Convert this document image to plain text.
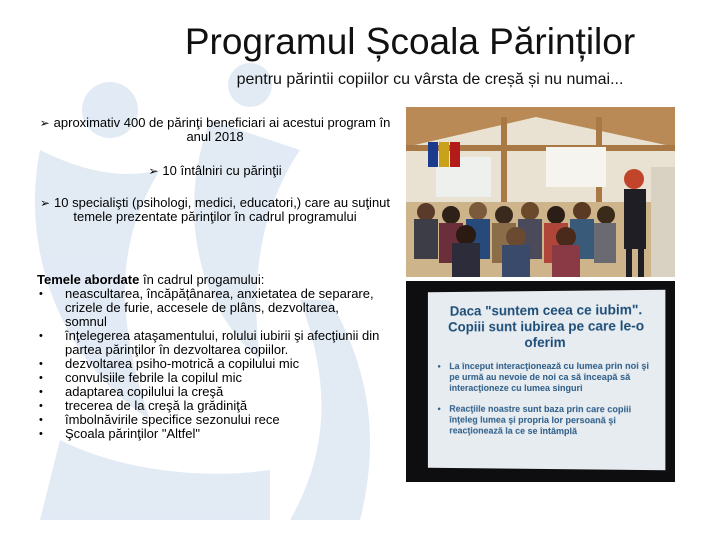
Programul Școala Părinților
pentru părintii copiilor cu vârsta de creșă și nu numai...
➢ aproximativ 400 de părinţi beneficiari ai acestui program în anul 2018
➢ 10 întâlniri cu părinţii
➢ 10 specialişti (psihologi, medici, educatori,) care au suţinut temele prezentate părinţilor în cadrul programului
Temele abordate în cadrul progamului:
• neascultarea, încăpățânarea, anxietatea de separare, crizele de furie, accesele de plâns, dezvoltarea, somnul
• înţelegerea ataşamentului, rolului iubirii şi afecţiunii din partea părinţilor în dezvoltarea copiilor.
• dezvoltarea psiho-motrică a copilului mic
• convulsiile febrile la copilul mic
• adaptarea copilului la creşă
• trecerea de la creşă la grădiniţă
• îmbolnăvirile specifice sezonului rece
• Şcoala părinţilor "Altfel"
Daca "suntem ceea ce iubim". Copiii sunt iubirea pe care le-o oferim
• La început interacţionează cu lumea prin noi şi pe urmă au nevoie de noi ca să înceapă să interacţioneze cu lumea singuri
• Reacţiile noastre sunt baza prin care copiii înţeleg lumea şi propria lor persoană şi reacţionează la ce se întâmplă
